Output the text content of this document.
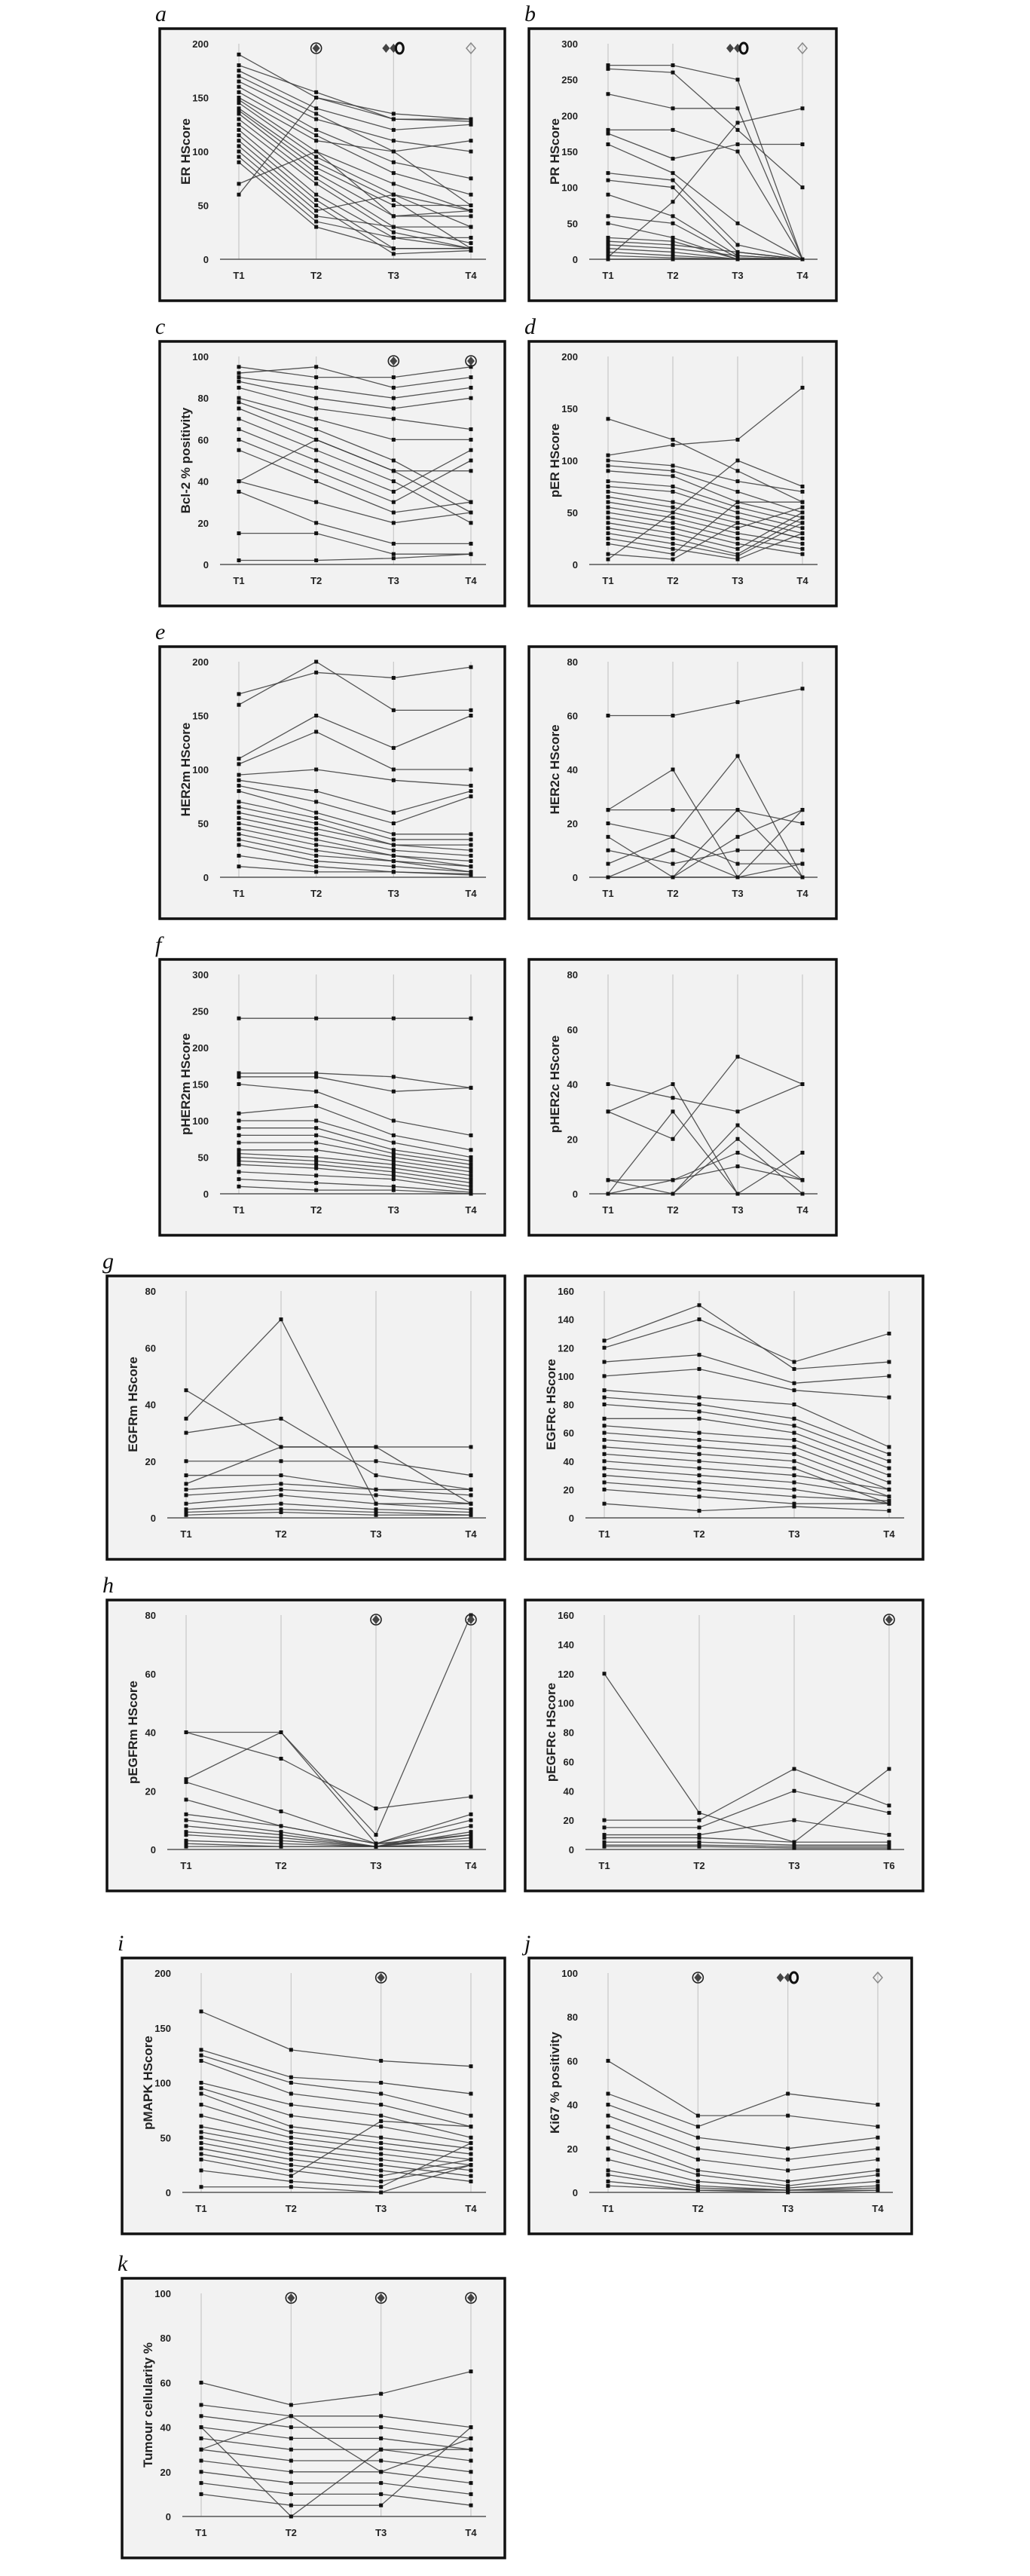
a
T1	T2	T3	T4
0
50
100
150
200
ER HScore
b
T1	T2	T3	T4
0
50
100
150
200
250
300
PR HScore
c
T1	T2	T3	T4
0
20
40
60
80
100
Bcl-2 % positivity
d
T1	T2	T3	T4
0
50
100
150
200
pER HScore
e
T1	T2	T3	T4
0
50
100
150
200
HER2m HScore
T1	T2	T3	T4
0
20
40
60
80
HER2c HScore
f
T1	T2	T3	T4
0
50
100
150
200
250
300
pHER2m HScore
T1	T2	T3	T4
0
20
40
60
80
pHER2c HScore
g
T1	T2	T3	T4
0
20
40
60
80
EGFRm HScore
T1	T2	T3	T4
0
20
40
60
80
100
120
140
160
EGFRc HScore
h
T1	T2	T3	T4
0
20
40
60
80
pEGFRm HScore
T1	T2	T3	T6
0
20
40
60
80
100
120
140
160
pEGFRc HScore
i
T1	T2	T3	T4
0
50
100
150
200
pMAPK HScore
j
T1	T2	T3	T4
0
20
40
60
80
100
Ki67 % positivity
k
T1	T2	T3	T4
0
20
40
60
80
100
Tumour cellularity %
